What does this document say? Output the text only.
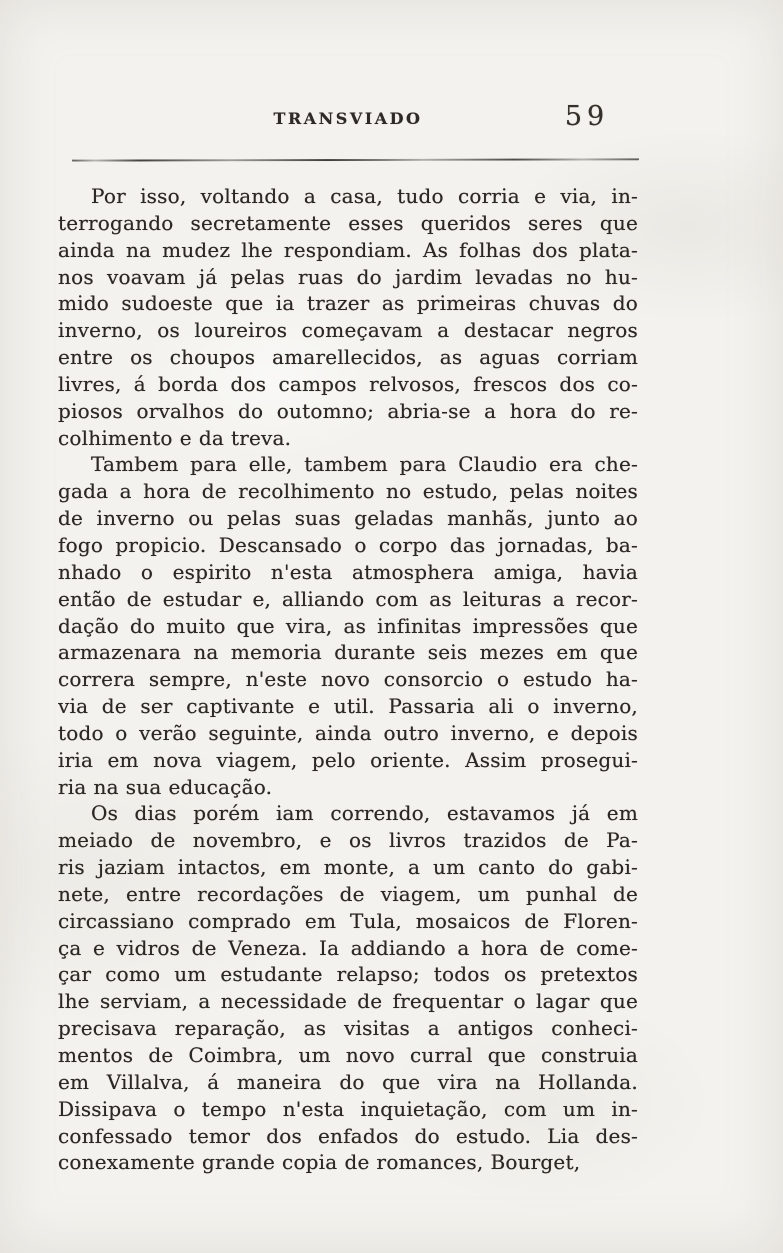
TRANSVIADO	59
Por isso, voltando a casa, tudo corria e via, in-
terrogando secretamente esses queridos seres que
ainda na mudez lhe respondiam. As folhas dos plata-
nos voavam já pelas ruas do jardim levadas no hu-
mido sudoeste que ia trazer as primeiras chuvas do
inverno, os loureiros começavam a destacar negros
entre os choupos amarellecidos, as aguas corriam
livres, á borda dos campos relvosos, frescos dos co-
piosos orvalhos do outomno; abria-se a hora do re-
colhimento e da treva.
Tambem para elle, tambem para Claudio era che-
gada a hora de recolhimento no estudo, pelas noites
de inverno ou pelas suas geladas manhãs, junto ao
fogo propicio. Descansado o corpo das jornadas, ba-
nhado o espirito n'esta atmosphera amiga, havia
então de estudar e, alliando com as leituras a recor-
dação do muito que vira, as infinitas impressões que
armazenara na memoria durante seis mezes em que
correra sempre, n'este novo consorcio o estudo ha-
via de ser captivante e util. Passaria ali o inverno,
todo o verão seguinte, ainda outro inverno, e depois
iria em nova viagem, pelo oriente. Assim prosegui-
ria na sua educação.
Os dias porém iam correndo, estavamos já em
meiado de novembro, e os livros trazidos de Pa-
ris jaziam intactos, em monte, a um canto do gabi-
nete, entre recordações de viagem, um punhal de
circassiano comprado em Tula, mosaicos de Floren-
ça e vidros de Veneza. Ia addiando a hora de come-
çar como um estudante relapso; todos os pretextos
lhe serviam, a necessidade de frequentar o lagar que
precisava reparação, as visitas a antigos conheci-
mentos de Coimbra, um novo curral que construia
em Villalva, á maneira do que vira na Hollanda.
Dissipava o tempo n'esta inquietação, com um in-
confessado temor dos enfados do estudo. Lia des-
conexamente grande copia de romances, Bourget,
